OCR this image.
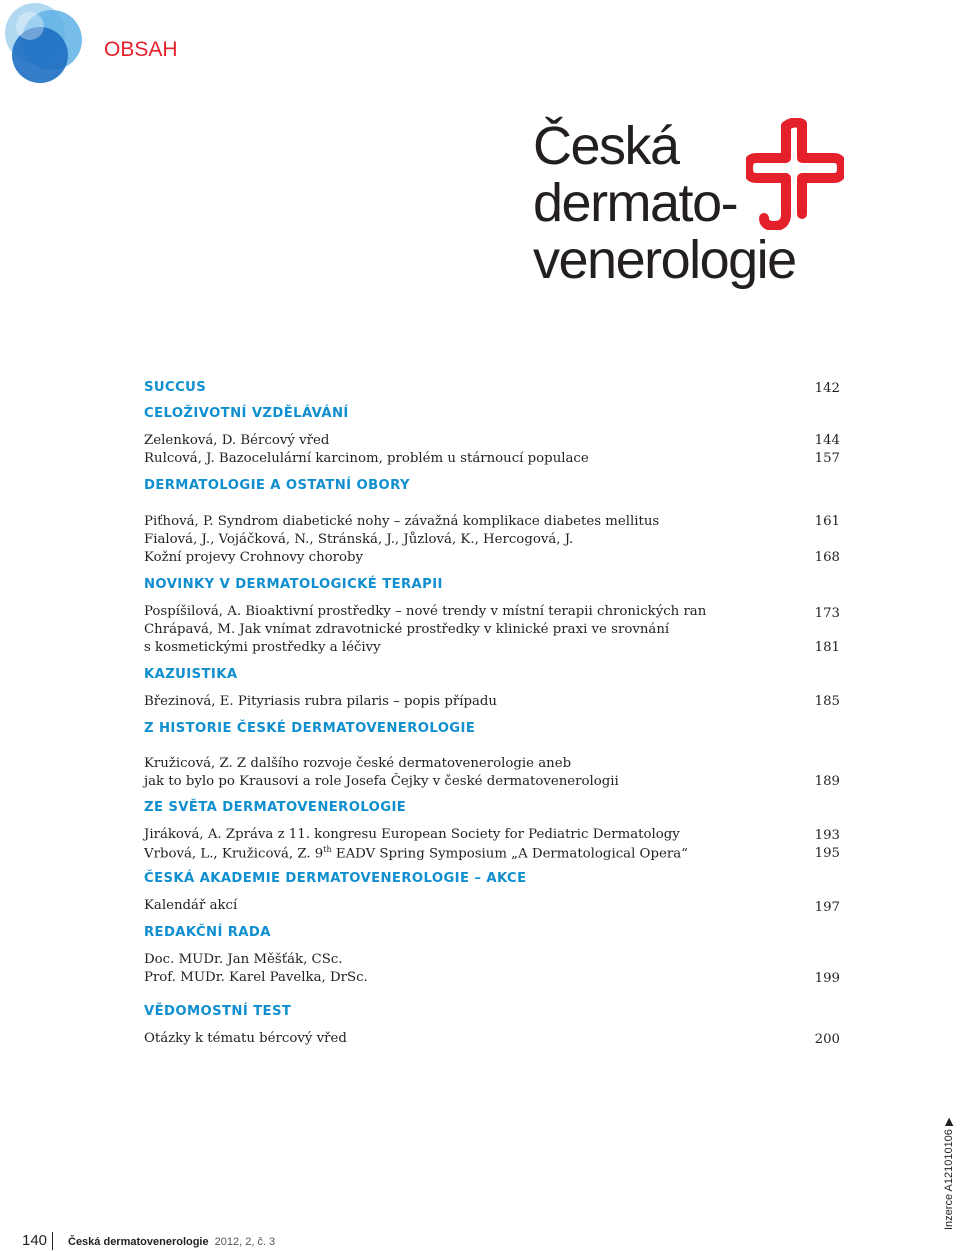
OBSAH
Česká
dermato-
venerologie
SUCCUS	142
CELOŽIVOTNÍ VZDĚLÁVÁNÍ
Zelenková, D. Bércový vřed	144
Rulcová, J. Bazocelulární karcinom, problém u stárnoucí populace	157
DERMATOLOGIE A OSTATNÍ OBORY
Piťhová, P. Syndrom diabetické nohy – závažná komplikace diabetes mellitus	161
Fialová, J., Vojáčková, N., Stránská, J., Jůzlová, K., Hercogová, J.
Kožní projevy Crohnovy choroby	168
NOVINKY V DERMATOLOGICKÉ TERAPII
Pospíšilová, A. Bioaktivní prostředky – nové trendy v místní terapii chronických ran	173
Chrápavá, M. Jak vnímat zdravotnické prostředky v klinické praxi ve srovnání
s kosmetickými prostředky a léčivy	181
KAZUISTIKA
Březinová, E. Pityriasis rubra pilaris – popis případu	185
Z HISTORIE ČESKÉ DERMATOVENEROLOGIE
Kružicová, Z. Z dalšího rozvoje české dermatovenerologie aneb
jak to bylo po Krausovi a role Josefa Čejky v české dermatovenerologii	189
ZE SVĚTA DERMATOVENEROLOGIE
Jiráková, A. Zpráva z 11. kongresu European Society for Pediatric Dermatology	193
Vrbová, L., Kružicová, Z. 9th EADV Spring Symposium „A Dermatological Opera“	195
ČESKÁ AKADEMIE DERMATOVENEROLOGIE – AKCE
Kalendář akcí	197
REDAKČNÍ RADA
Doc. MUDr. Jan Měšťák, CSc.
Prof. MUDr. Karel Pavelka, DrSc.	199
VĚDOMOSTNÍ TEST
Otázky k tématu bércový vřed	200
140 Česká dermatovenerologie 2012, 2, č. 3
Inzerce A121010106 ▶
